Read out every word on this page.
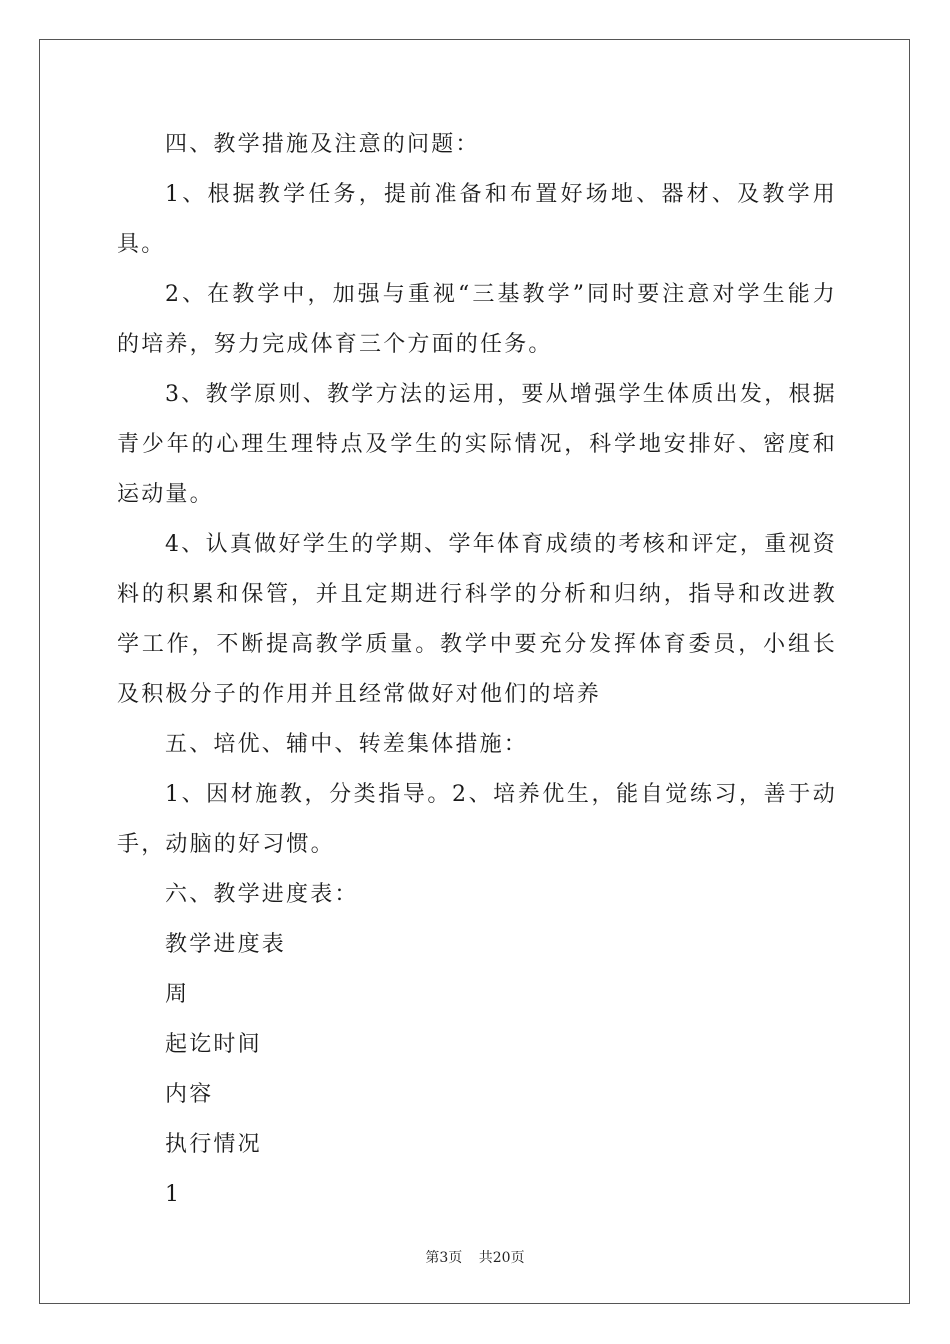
四、教学措施及注意的问题：

1、根据教学任务，提前准备和布置好场地、器材、及教学用具。

2、在教学中，加强与重视“三基教学”同时要注意对学生能力的培养，努力完成体育三个方面的任务。

3、教学原则、教学方法的运用，要从增强学生体质出发，根据青少年的心理生理特点及学生的实际情况，科学地安排好、密度和运动量。

4、认真做好学生的学期、学年体育成绩的考核和评定，重视资料的积累和保管，并且定期进行科学的分析和归纳，指导和改进教学工作，不断提高教学质量。教学中要充分发挥体育委员，小组长及积极分子的作用并且经常做好对他们的培养

五、培优、辅中、转差集体措施：

1、因材施教，分类指导。2、培养优生，能自觉练习，善于动手，动脑的好习惯。

六、教学进度表：

教学进度表

周

起讫时间

内容

执行情况

1

第3页 共20页
